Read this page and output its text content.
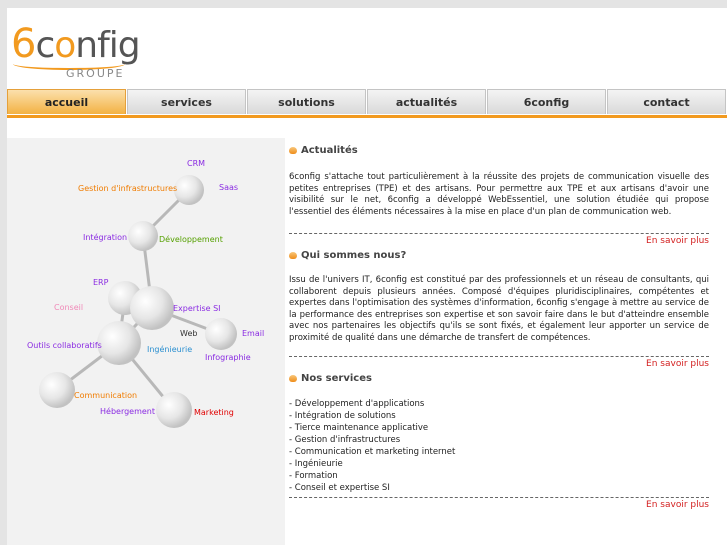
6config
GROUPE
accueil	services	solutions	actualités	6config	contact
CRM
Gestion d'infrastructures	Saas
Intégration	Développement
ERP
Conseil	Expertise SI
Web	Email
Outils collaboratifs	Ingénieurie
Infographie
Communication
Hébergement	Marketing
Actualités
6config s'attache tout particulièrement à la réussite des projets de communication visuelle des petites entreprises (TPE) et des artisans. Pour permettre aux TPE et aux artisans d'avoir une visibilité sur le net, 6config a développé WebEssentiel, une solution étudiée qui propose l'essentiel des éléments nécessaires à la mise en place d'un plan de communication web.
En savoir plus
Qui sommes nous?
Issu de l'univers IT, 6config est constitué par des professionnels et un réseau de consultants, qui collaborent depuis plusieurs années. Composé d'équipes pluridisciplinaires, compétentes et expertes dans l'optimisation des systèmes d'information, 6config s'engage à mettre au service de la performance des entreprises son expertise et son savoir faire dans le but d'atteindre ensemble avec nos partenaires les objectifs qu'ils se sont fixés, et également leur apporter un service de proximité de qualité dans une démarche de transfert de compétences.
En savoir plus
Nos services
- Développement d'applications
- Intégration de solutions
- Tierce maintenance applicative
- Gestion d'infrastructures
- Communication et marketing internet
- Ingénieurie
- Formation
- Conseil et expertise SI
En savoir plus
